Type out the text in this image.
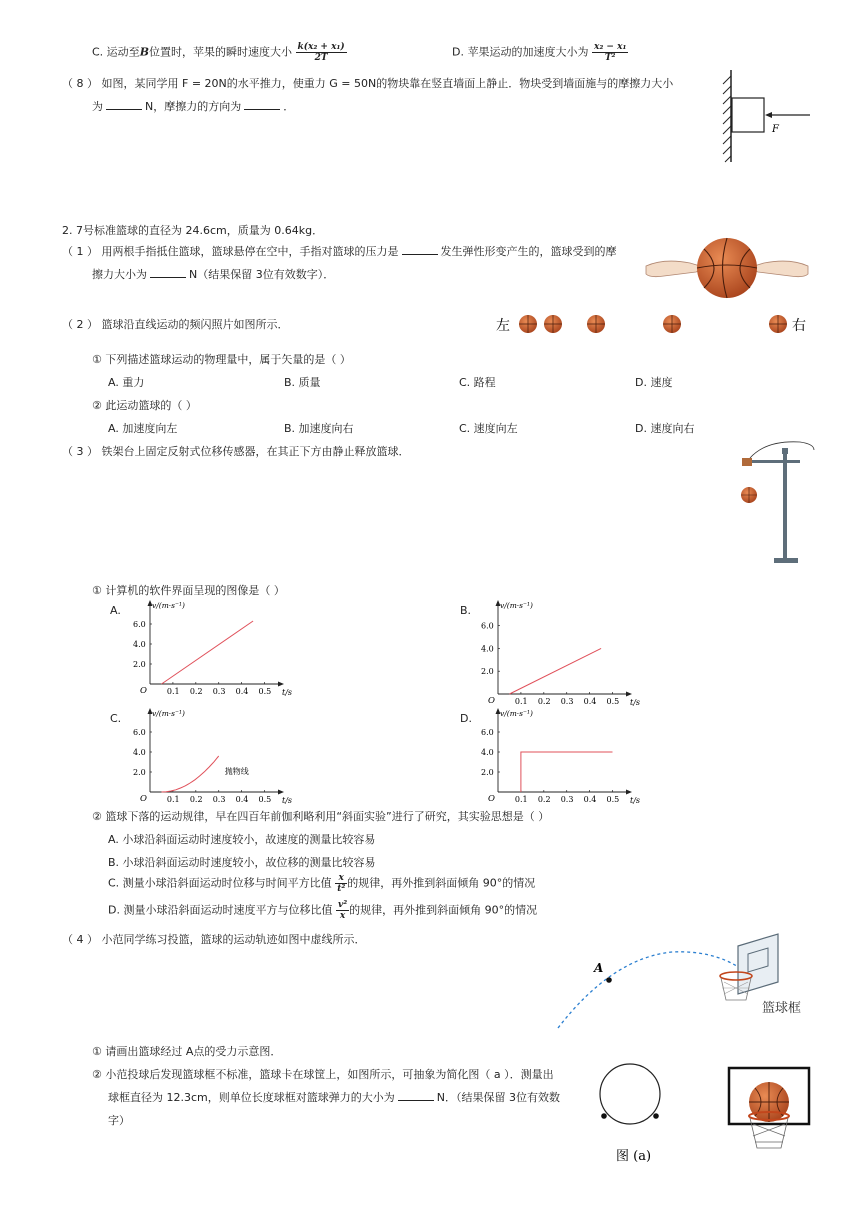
C. 运动至B位置时，苹果的瞬时速度大小 $\frac{\text{k(x₂ + x₁)}}{2T}$	D. 苹果运动的加速度大小为 $\frac{\text{x₂ − x₁}}{\text{T²}}$
（ 8 ） 如图，某同学用 F = 20N的水平推力，使重力 G = 50N的物块靠在竖直墙面上静止．物块受到墙面施与的摩擦力大小
为	N，摩擦力的方向为	．
F
2. 7号标准篮球的直径为 24.6cm，质量为 0.64kg．
（ 1 ） 用两根手指抵住篮球，篮球悬停在空中，手指对篮球的压力是	发生弹性形变产生的，篮球受到的摩
擦力大小为	N（结果保留 3位有效数字）．
（ 2 ） 篮球沿直线运动的频闪照片如图所示．	左	右
① 下列描述篮球运动的物理量中，属于矢量的是（ ）
A. 重力	B. 质量	C. 路程	D. 速度
② 此运动篮球的（ ）
A. 加速度向左	B. 加速度向右	C. 速度向左	D. 速度向右
（ 3 ） 铁架台上固定反射式位移传感器，在其正下方由静止释放篮球．
① 计算机的软件界面呈现的图像是（ ）
A.	v/(m·s⁻¹)
t/s
O 0.1 0.2 0.3 0.4 0.5
2.0
4.0
6.0
B.	v/(m·s⁻¹)
t/s
O 0.1 0.2 0.3 0.4 0.5
2.0
4.0
6.0
C.	v/(m·s⁻¹)
t/s
O 0.1 0.2 0.3 0.4 0.5
2.0
4.0
6.0
抛物线
D.	v/(m·s⁻¹)
t/s
O 0.1 0.2 0.3 0.4 0.5
2.0
4.0
6.0
② 篮球下落的运动规律，早在四百年前伽利略利用“斜面实验”进行了研究，其实验思想是（ ）
A. 小球沿斜面运动时速度较小，故速度的测量比较容易
B. 小球沿斜面运动时速度较小，故位移的测量比较容易
C. 测量小球沿斜面运动时位移与时间平方比值 $\frac{x}{\text{t²}}$ 的规律，再外推到斜面倾角 90°的情况
D. 测量小球沿斜面运动时速度平方与位移比值 $\frac{\text{v²}}{x}$ 的规律，再外推到斜面倾角 90°的情况
（ 4 ） 小范同学练习投篮，篮球的运动轨迹如图中虚线所示．
A
篮球框
① 请画出篮球经过 A点的受力示意图．
② 小范投球后发现篮球框不标准，篮球卡在球筐上，如图所示，可抽象为简化图（ a ）．测量出
球框直径为 12.3cm，则单位长度球框对篮球弹力的大小为	N．（结果保留 3位有效数
字）
图 (a)
